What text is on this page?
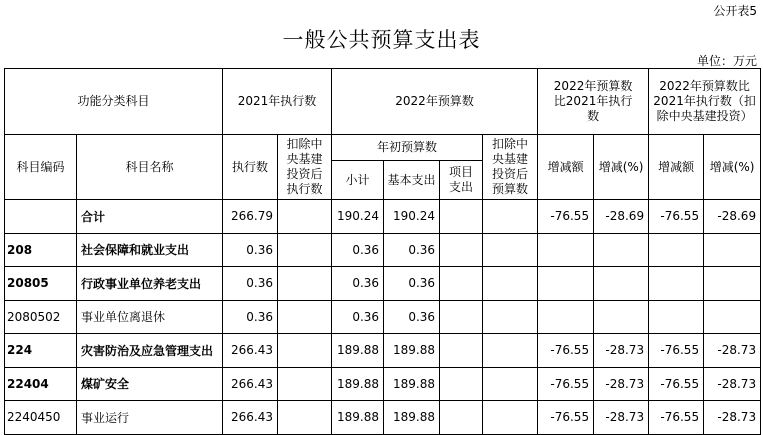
公开表5
一般公共预算支出表
单位：万元
功能分类科目		2021年执行数		2022年预算数				2022年预算数比2021年执行数		2022年预算数比2021年执行数（扣除中央基建投资）	
科目编码	科目名称	执行数	扣除中央基建投资后执行数	年初预算数			扣除中央基建投资后预算数	增减额	增减(%)	增减额	增减(%)
				小计	基本支出	项目支出					
	合计	266.79		190.24	190.24			-76.55	-28.69	-76.55	-28.69
208	社会保障和就业支出	0.36		0.36	0.36						
20805	行政事业单位养老支出	0.36		0.36	0.36						
2080502	事业单位离退休	0.36		0.36	0.36						
224	灾害防治及应急管理支出	266.43		189.88	189.88			-76.55	-28.73	-76.55	-28.73
22404	煤矿安全	266.43		189.88	189.88			-76.55	-28.73	-76.55	-28.73
2240450	事业运行	266.43		189.88	189.88			-76.55	-28.73	-76.55	-28.73
